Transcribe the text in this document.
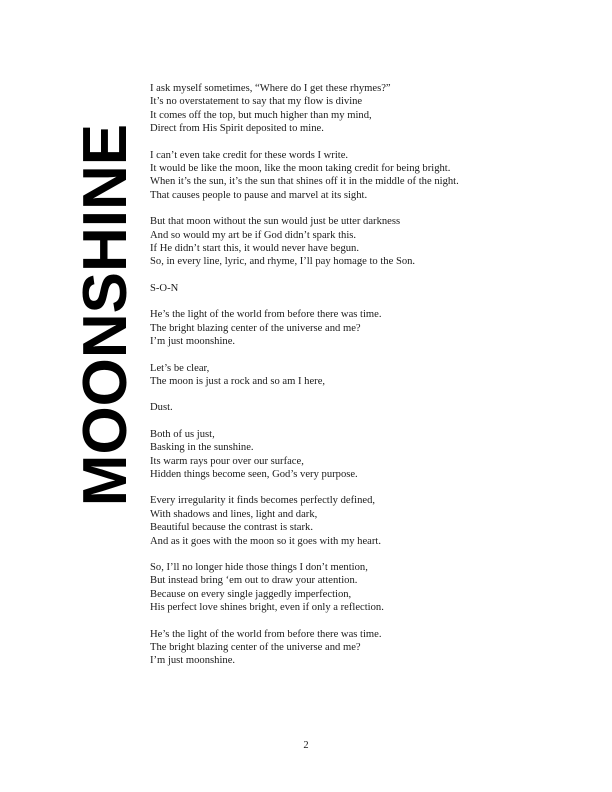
MOONSHINE
I ask myself sometimes, “Where do I get these rhymes?”
It’s no overstatement to say that my flow is divine
It comes off the top, but much higher than my mind,
Direct from His Spirit deposited to mine.
I can’t even take credit for these words I write.
It would be like the moon, like the moon taking credit for being bright.
When it’s the sun, it’s the sun that shines off it in the middle of the night.
That causes people to pause and marvel at its sight.
But that moon without the sun would just be utter darkness
And so would my art be if God didn’t spark this.
If He didn’t start this, it would never have begun.
So, in every line, lyric, and rhyme, I’ll pay homage to the Son.
S-O-N
He’s the light of the world from before there was time.
The bright blazing center of the universe and me?
I’m just moonshine.
Let’s be clear,
The moon is just a rock and so am I here,
Dust.
Both of us just,
Basking in the sunshine.
Its warm rays pour over our surface,
Hidden things become seen, God’s very purpose.
Every irregularity it finds becomes perfectly defined,
With shadows and lines, light and dark,
Beautiful because the contrast is stark.
And as it goes with the moon so it goes with my heart.
So, I’ll no longer hide those things I don’t mention,
But instead bring ‘em out to draw your attention.
Because on every single jaggedly imperfection,
His perfect love shines bright, even if only a reflection.
He’s the light of the world from before there was time.
The bright blazing center of the universe and me?
I’m just moonshine.
2
